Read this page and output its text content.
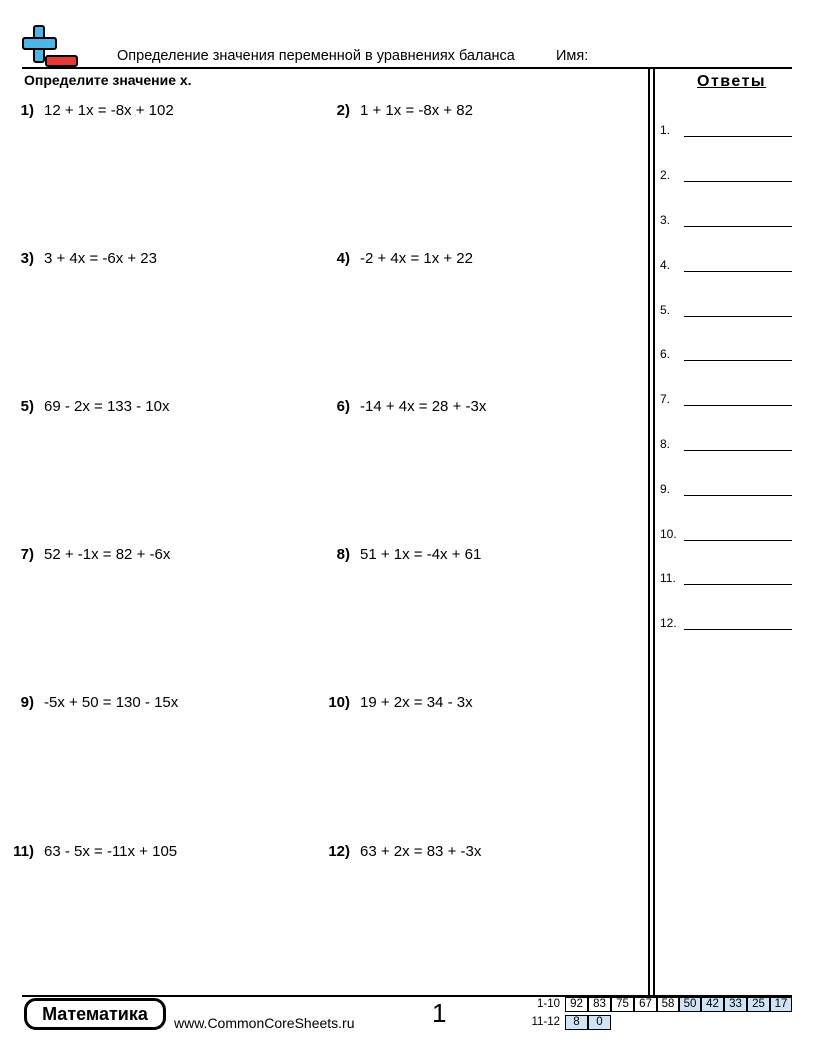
Определение значения переменной в уравнениях баланса	Имя:
Определите значение x.	Ответы
1) 12 + 1x = -8x + 102	2) 1 + 1x = -8x + 82
3) 3 + 4x = -6x + 23	4) -2 + 4x = 1x + 22
5) 69 - 2x = 133 - 10x	6) -14 + 4x = 28 + -3x
7) 52 + -1x = 82 + -6x	8) 51 + 1x = -4x + 61
9) -5x + 50 = 130 - 15x	10) 19 + 2x = 34 - 3x
11) 63 - 5x = -11x + 105	12) 63 + 2x = 83 + -3x
1.
2.
3.
4.
5.
6.
7.
8.
9.
10.
11.
12.
Математика	www.CommonCoreSheets.ru	1	1-10 92 83 75 67 58 50 42 33 25 17
11-12	8	0
